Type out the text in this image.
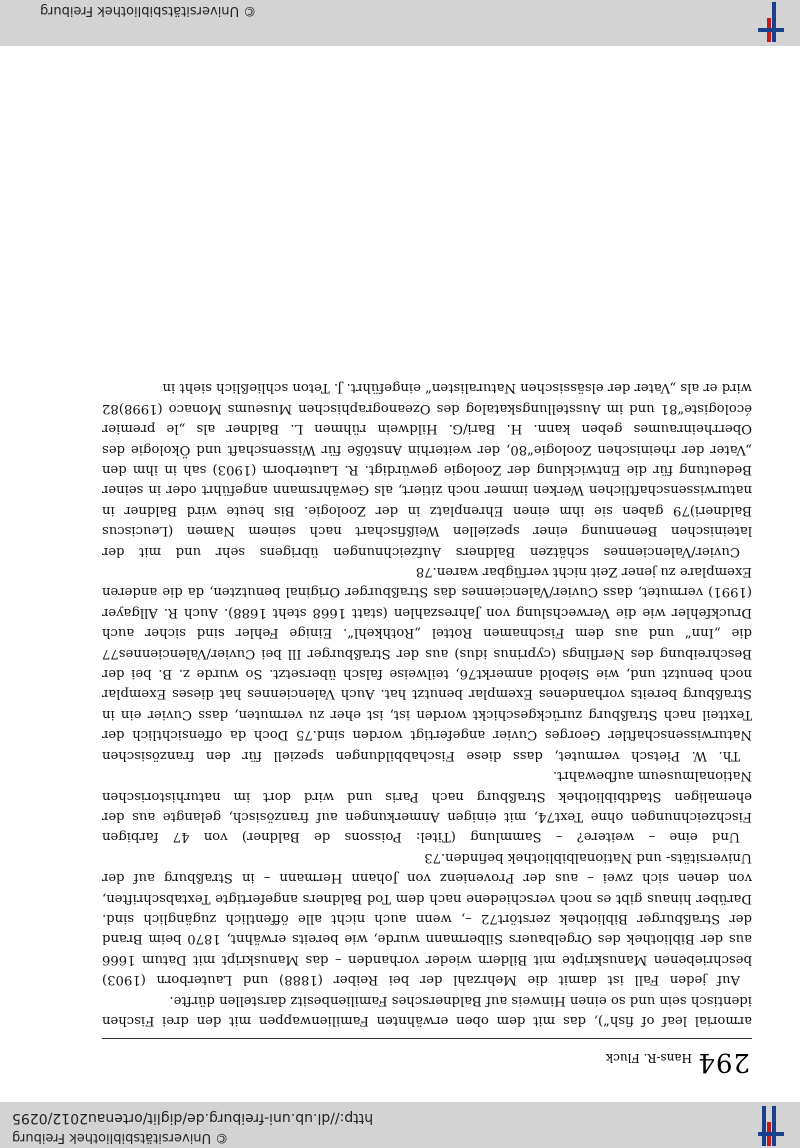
© Universitätsbibliothek Freiburg
http://dl.ub.uni-freiburg.de/diglit/ortenau2012/0295
294
Hans-R. Fluck

armorial leaf of fish“), das mit dem oben erwähnten Familienwappen mit den drei Fischen identisch sein und so einen Hinweis auf Baldnersches Familienbesitz darstellen dürfte.

Auf jeden Fall ist damit die Mehrzahl der bei Reiber (1888) und Lauterborn (1903) beschriebenen Manuskripte mit Bildern wieder vorhanden – das Manuskript mit Datum 1666 aus der Bibliothek des Orgelbauers Silbermann wurde, wie bereits erwähnt, 1870 beim Brand der Straßburger Bibliothek zerstört72 –, wenn auch nicht alle öffentlich zugänglich sind. Darüber hinaus gibt es noch verschiedene nach dem Tod Baldners angefertigte Textabschriften, von denen sich zwei – aus der Provenienz von Johann Hermann – in Straßburg auf der Universitäts- und Nationalbibliothek befinden.73

Und eine – weitere? – Sammlung (Titel: Poissons de Baldner) von 47 farbigen Fischzeichnungen ohne Text74, mit einigen Anmerkungen auf französisch, gelangte aus der ehemaligen Stadtbibliothek Straßburg nach Paris und wird dort im naturhistorischen Nationalmuseum aufbewahrt.

Th. W. Pietsch vermutet, dass diese Fischabbildungen speziell für den französischen Naturwissenschaftler Georges Cuvier angefertigt worden sind.75 Doch da offensichtlich der Textteil nach Straßburg zurückgeschickt worden ist, ist eher zu vermuten, dass Cuvier ein in Straßburg bereits vorhandenes Exemplar benutzt hat. Auch Valenciennes hat dieses Exemplar noch benutzt und, wie Siebold anmerkt76, teilweise falsch übersetzt. So wurde z. B. bei der Beschreibung des Nerflings (cyprinus idus) aus der Straßburger Ill bei Cuvier/Valenciennes77 die „Inn“ und aus dem Fischnamen Rottel „Rothkehl“. Einige Fehler sind sicher auch Druckfehler wie die Verwechslung von Jahreszahlen (statt 1668 steht 1688). Auch R. Allgayer (1991) vermutet, dass Cuvier/Valenciennes das Straßburger Original benutzten, da die anderen Exemplare zu jener Zeit nicht verfügbar waren.78

Cuvier/Valenciennes schätzen Baldners Aufzeichnungen übrigens sehr und mit der lateinischen Benennung einer speziellen Weißfischart nach seinem Namen (Leuciscus Baldneri)79 gaben sie ihm einen Ehrenplatz in der Zoologie. Bis heute wird Baldner in naturwissenschaftlichen Werken immer noch zitiert, als Gewährsmann angeführt oder in seiner Bedeutung für die Entwicklung der Zoologie gewürdigt. R. Lauterborn (1903) sah in ihm den „Vater der rheinischen Zoologie“80, der weiterhin Anstöße für Wissenschaft und Ökologie des Oberrheinraumes geben kann. H. Bari/G. Hildwein rühmen L. Baldner als „le premier écologiste“81 und im Ausstellungskatalog des Ozeanographischen Museums Monaco (1998)82 wird er als „Vater der elsässischen Naturalisten“ eingeführt. J. Teton schließlich sieht in

© Universitätsbibliothek Freiburg
